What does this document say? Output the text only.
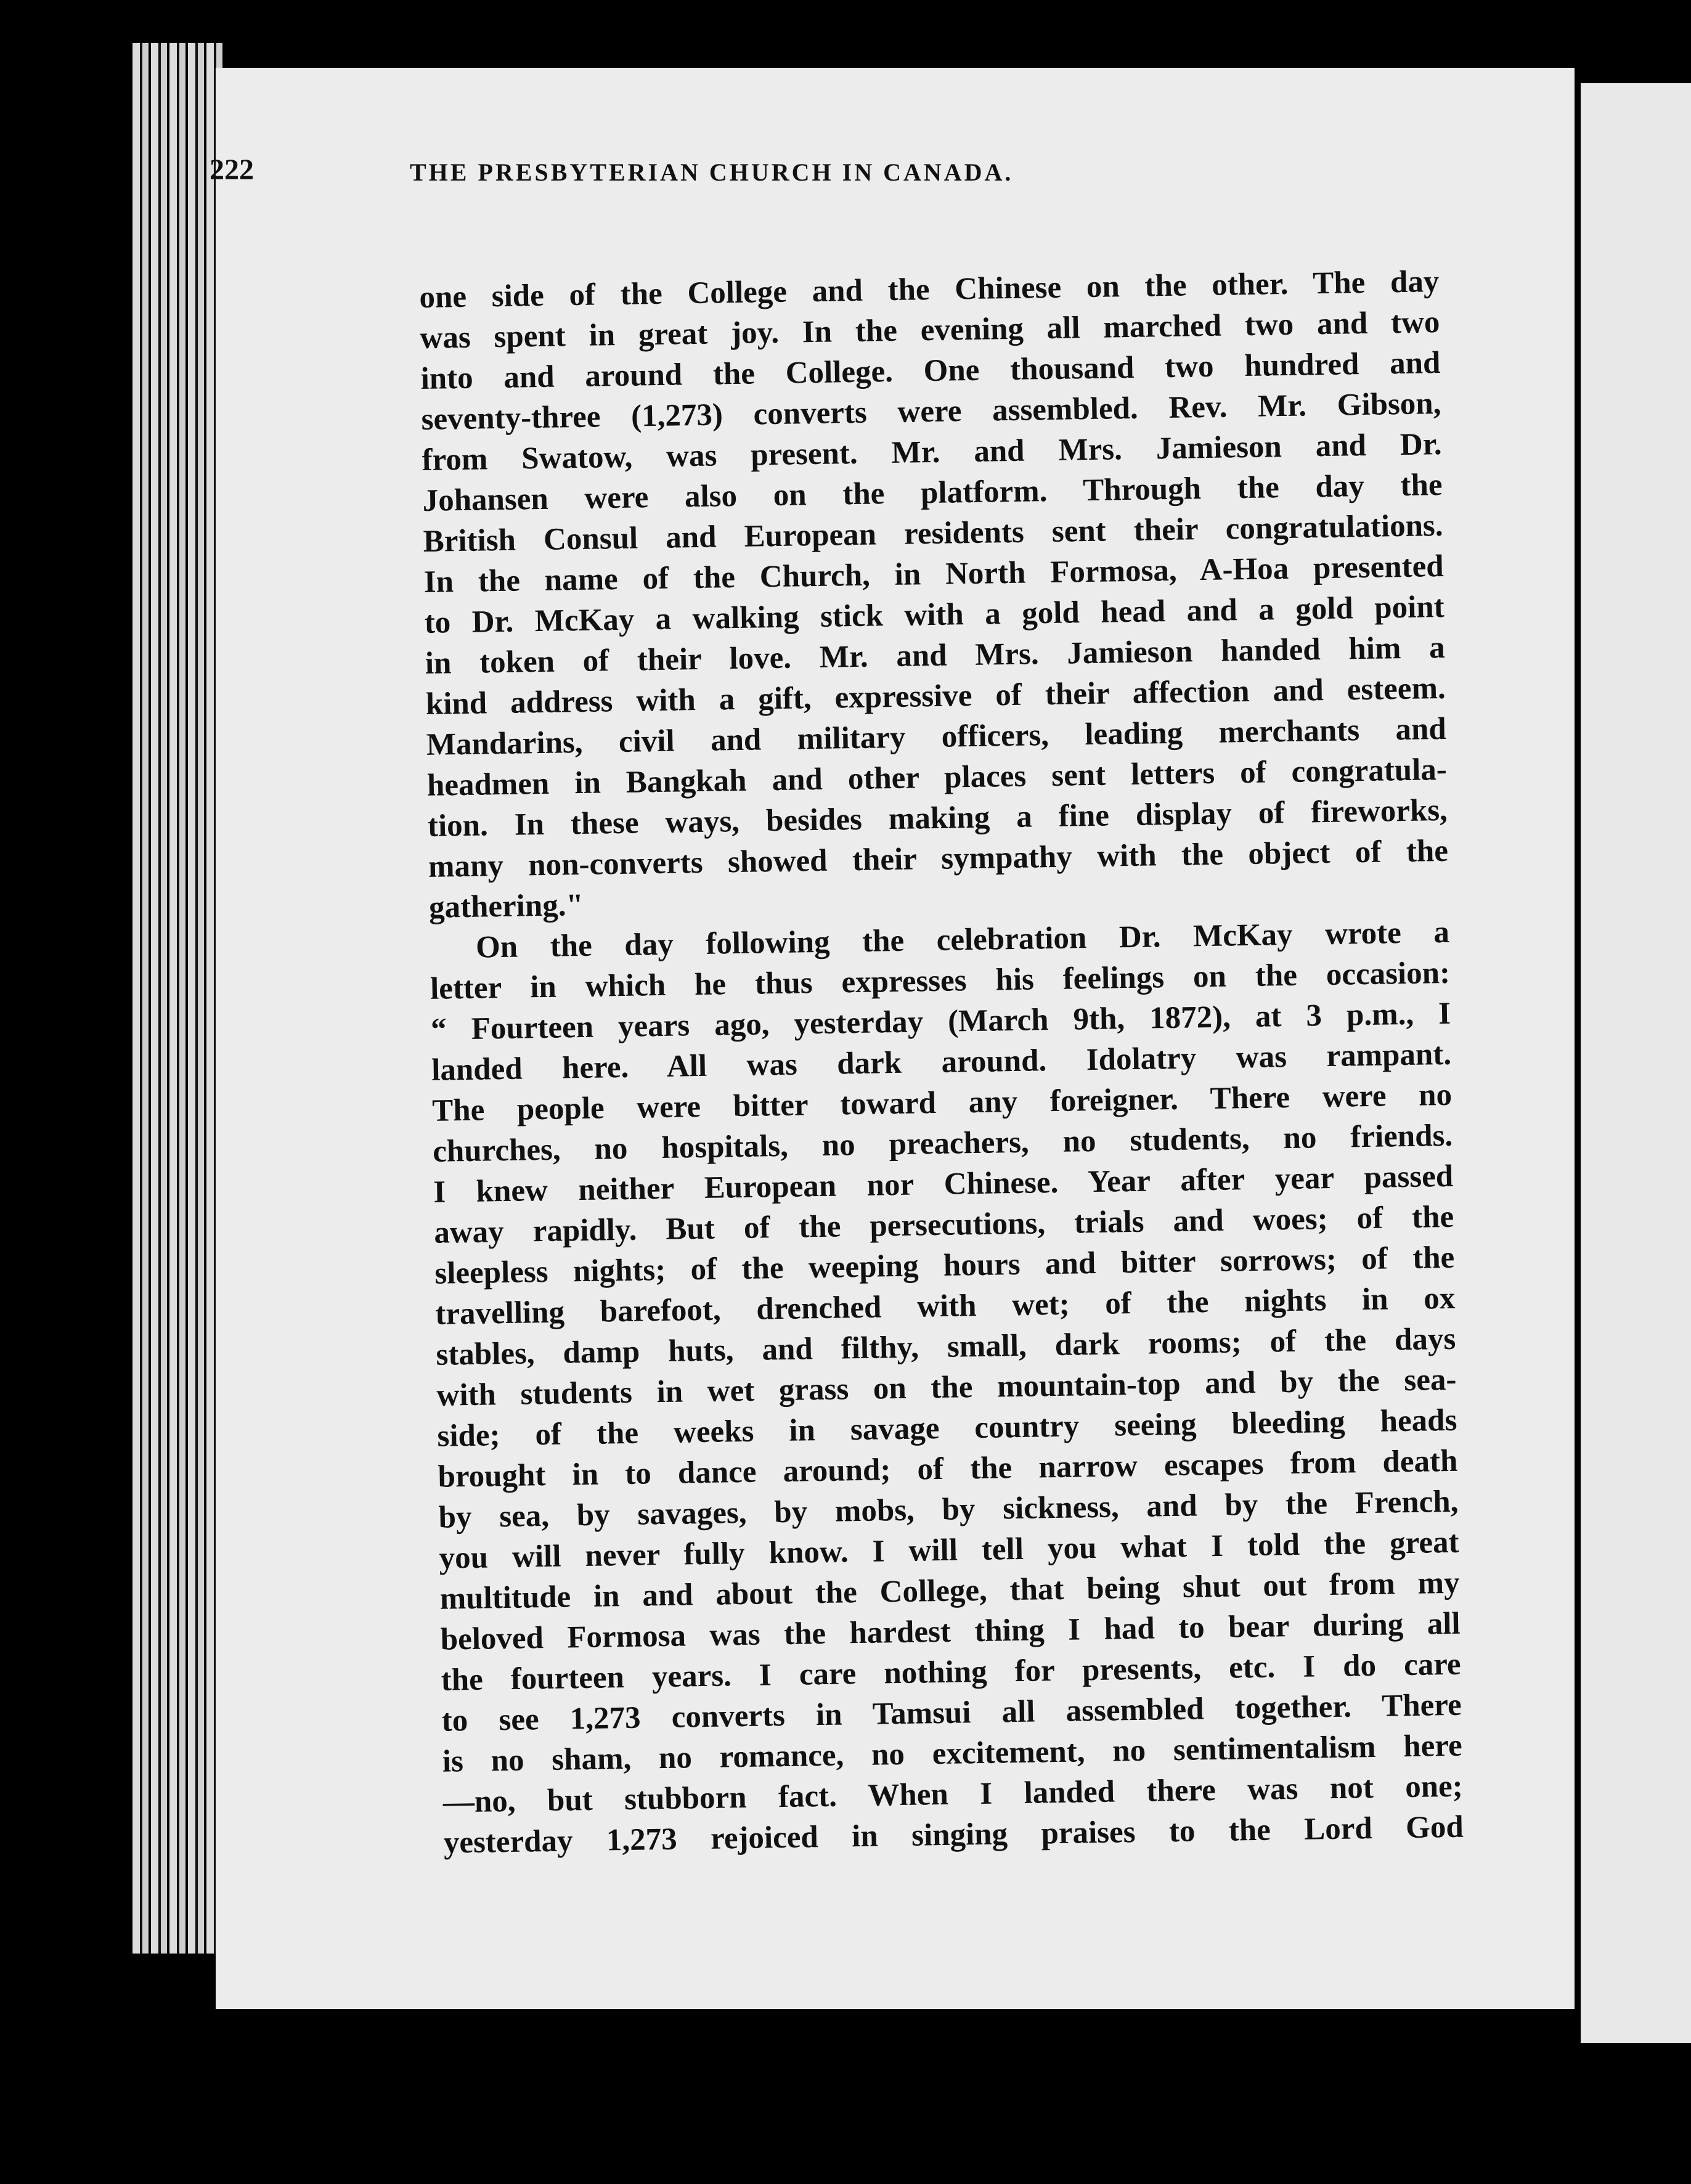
222	THE PRESBYTERIAN CHURCH IN CANADA.
one side of the College and the Chinese on the other. The day
was spent in great joy. In the evening all marched two and two
into and around the College. One thousand two hundred and
seventy-three (1,273) converts were assembled. Rev. Mr. Gibson,
from Swatow, was present. Mr. and Mrs. Jamieson and Dr.
Johansen were also on the platform. Through the day the
British Consul and European residents sent their congratulations.
In the name of the Church, in North Formosa, A-Hoa presented
to Dr. McKay a walking stick with a gold head and a gold point
in token of their love. Mr. and Mrs. Jamieson handed him a
kind address with a gift, expressive of their affection and esteem.
Mandarins, civil and military officers, leading merchants and
headmen in Bangkah and other places sent letters of congratula-
tion. In these ways, besides making a fine display of fireworks,
many non-converts showed their sympathy with the object of the
gathering."
On the day following the celebration Dr. McKay wrote a
letter in which he thus expresses his feelings on the occasion:
“ Fourteen years ago, yesterday (March 9th, 1872), at 3 p.m., I
landed here. All was dark around. Idolatry was rampant.
The people were bitter toward any foreigner. There were no
churches, no hospitals, no preachers, no students, no friends.
I knew neither European nor Chinese. Year after year passed
away rapidly. But of the persecutions, trials and woes; of the
sleepless nights; of the weeping hours and bitter sorrows; of the
travelling barefoot, drenched with wet; of the nights in ox
stables, damp huts, and filthy, small, dark rooms; of the days
with students in wet grass on the mountain-top and by the sea-
side; of the weeks in savage country seeing bleeding heads
brought in to dance around; of the narrow escapes from death
by sea, by savages, by mobs, by sickness, and by the French,
you will never fully know. I will tell you what I told the great
multitude in and about the College, that being shut out from my
beloved Formosa was the hardest thing I had to bear during all
the fourteen years. I care nothing for presents, etc. I do care
to see 1,273 converts in Tamsui all assembled together. There
is no sham, no romance, no excitement, no sentimentalism here
—no, but stubborn fact. When I landed there was not one;
yesterday 1,273 rejoiced in singing praises to the Lord God
